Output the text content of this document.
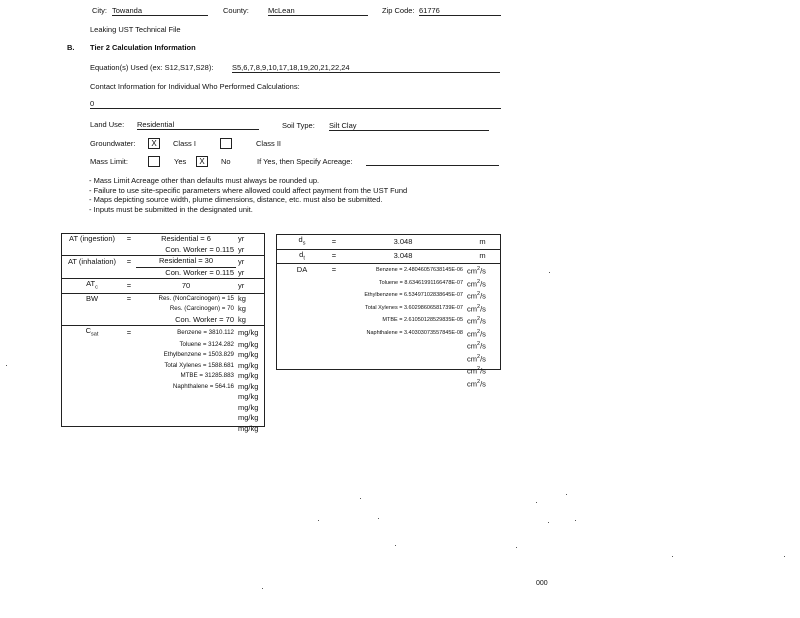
City: Towanda	County:	McLean	Zip Code: 61776
Leaking UST Technical File
B. Tier 2 Calculation Information
Equation(s) Used (ex: S12,S17,S28): S5,6,7,8,9,10,17,18,19,20,21,22,24
Contact Information for Individual Who Performed Calculations:
0
Land Use: Residential	Soil Type: Silt Clay
Groundwater:	X	Class I	Class II
Mass Limit:	Yes	X	No	If Yes, then Specify Acreage:
- Mass Limit Acreage other than defaults must always be rounded up.
- Failure to use site-specific parameters where allowed could affect payment from the UST Fund
- Maps depicting source width, plume dimensions, distance, etc. must also be submitted.
- Inputs must be submitted in the designated unit.
AT (ingestion)	=	Residential = 6	yr
		Con. Worker = 0.115	yr
AT (inhalation)	=	Residential = 30	yr
		Con. Worker = 0.115	yr
$AT_c$	=	70	yr
BW	=	Res. (NonCarcinogen) = 15	kg
		Res. (Carcinogen) = 70	kg
		Con. Worker = 70	kg
$C_{sat}$	=	Benzene = 3810.112	mg/kg
		Toluene = 3124.282	mg/kg
		Ethylbenzene = 1503.829	mg/kg
		Total Xylenes = 1588.681	mg/kg
		MTBE = 31285.883	mg/kg
		Naphthalene = 564.16	mg/kg
			mg/kg
			mg/kg
			mg/kg
			mg/kg
$d_s$	=	3.048	m
$d_t$	=	3.048	m
DA	=	Benzene = 2.48046057638145E-06	$cm^2/s$
		Toluene = 8.63461991166478E-07	$cm^2/s$
		Ethylbenzene = 6.53497102838645E-07	$cm^2/s$
		Total Xylenes = 3.60298606581739E-07	$cm^2/s$
		MTBE = 2.61050128529835E-05	$cm^2/s$
		Naphthalene = 3.40303073557845E-08	$cm^2/s$
			$cm^2/s$
			$cm^2/s$
			$cm^2/s$
			$cm^2/s$
000
